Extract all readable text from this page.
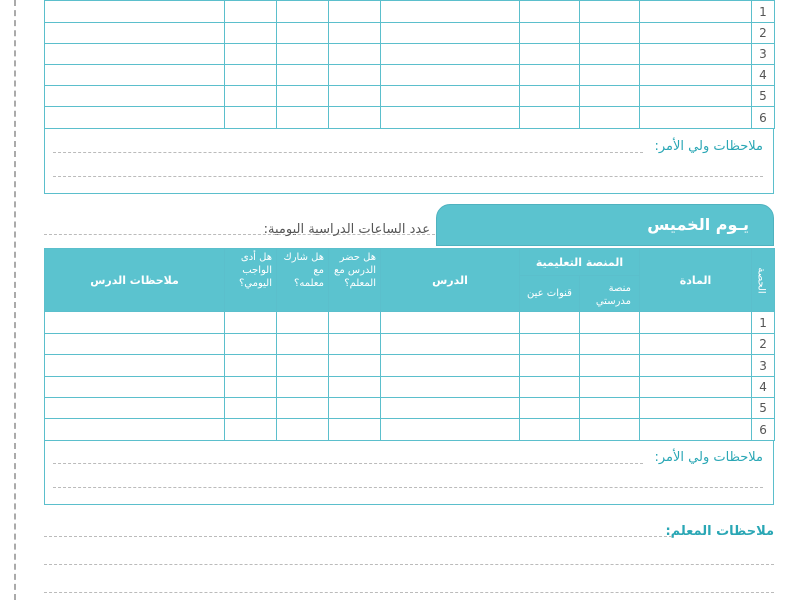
1								
2								
3								
4								
5								
6								
ملاحظات ولي الأمر:
عدد الساعات الدراسية اليومية:	يـوم الخميس
الحصة	المادة	المنصة التعليمية		الدرس	هل حضر الدرس مع المعلم؟	هل شارك مع معلمه؟	هل أدى الواجب اليومي؟	ملاحظات الدرس
		منصة مدرستي	قنوات عين					
1								
2								
3								
4								
5								
6								
ملاحظات ولي الأمر:
ملاحظات المعلم:
